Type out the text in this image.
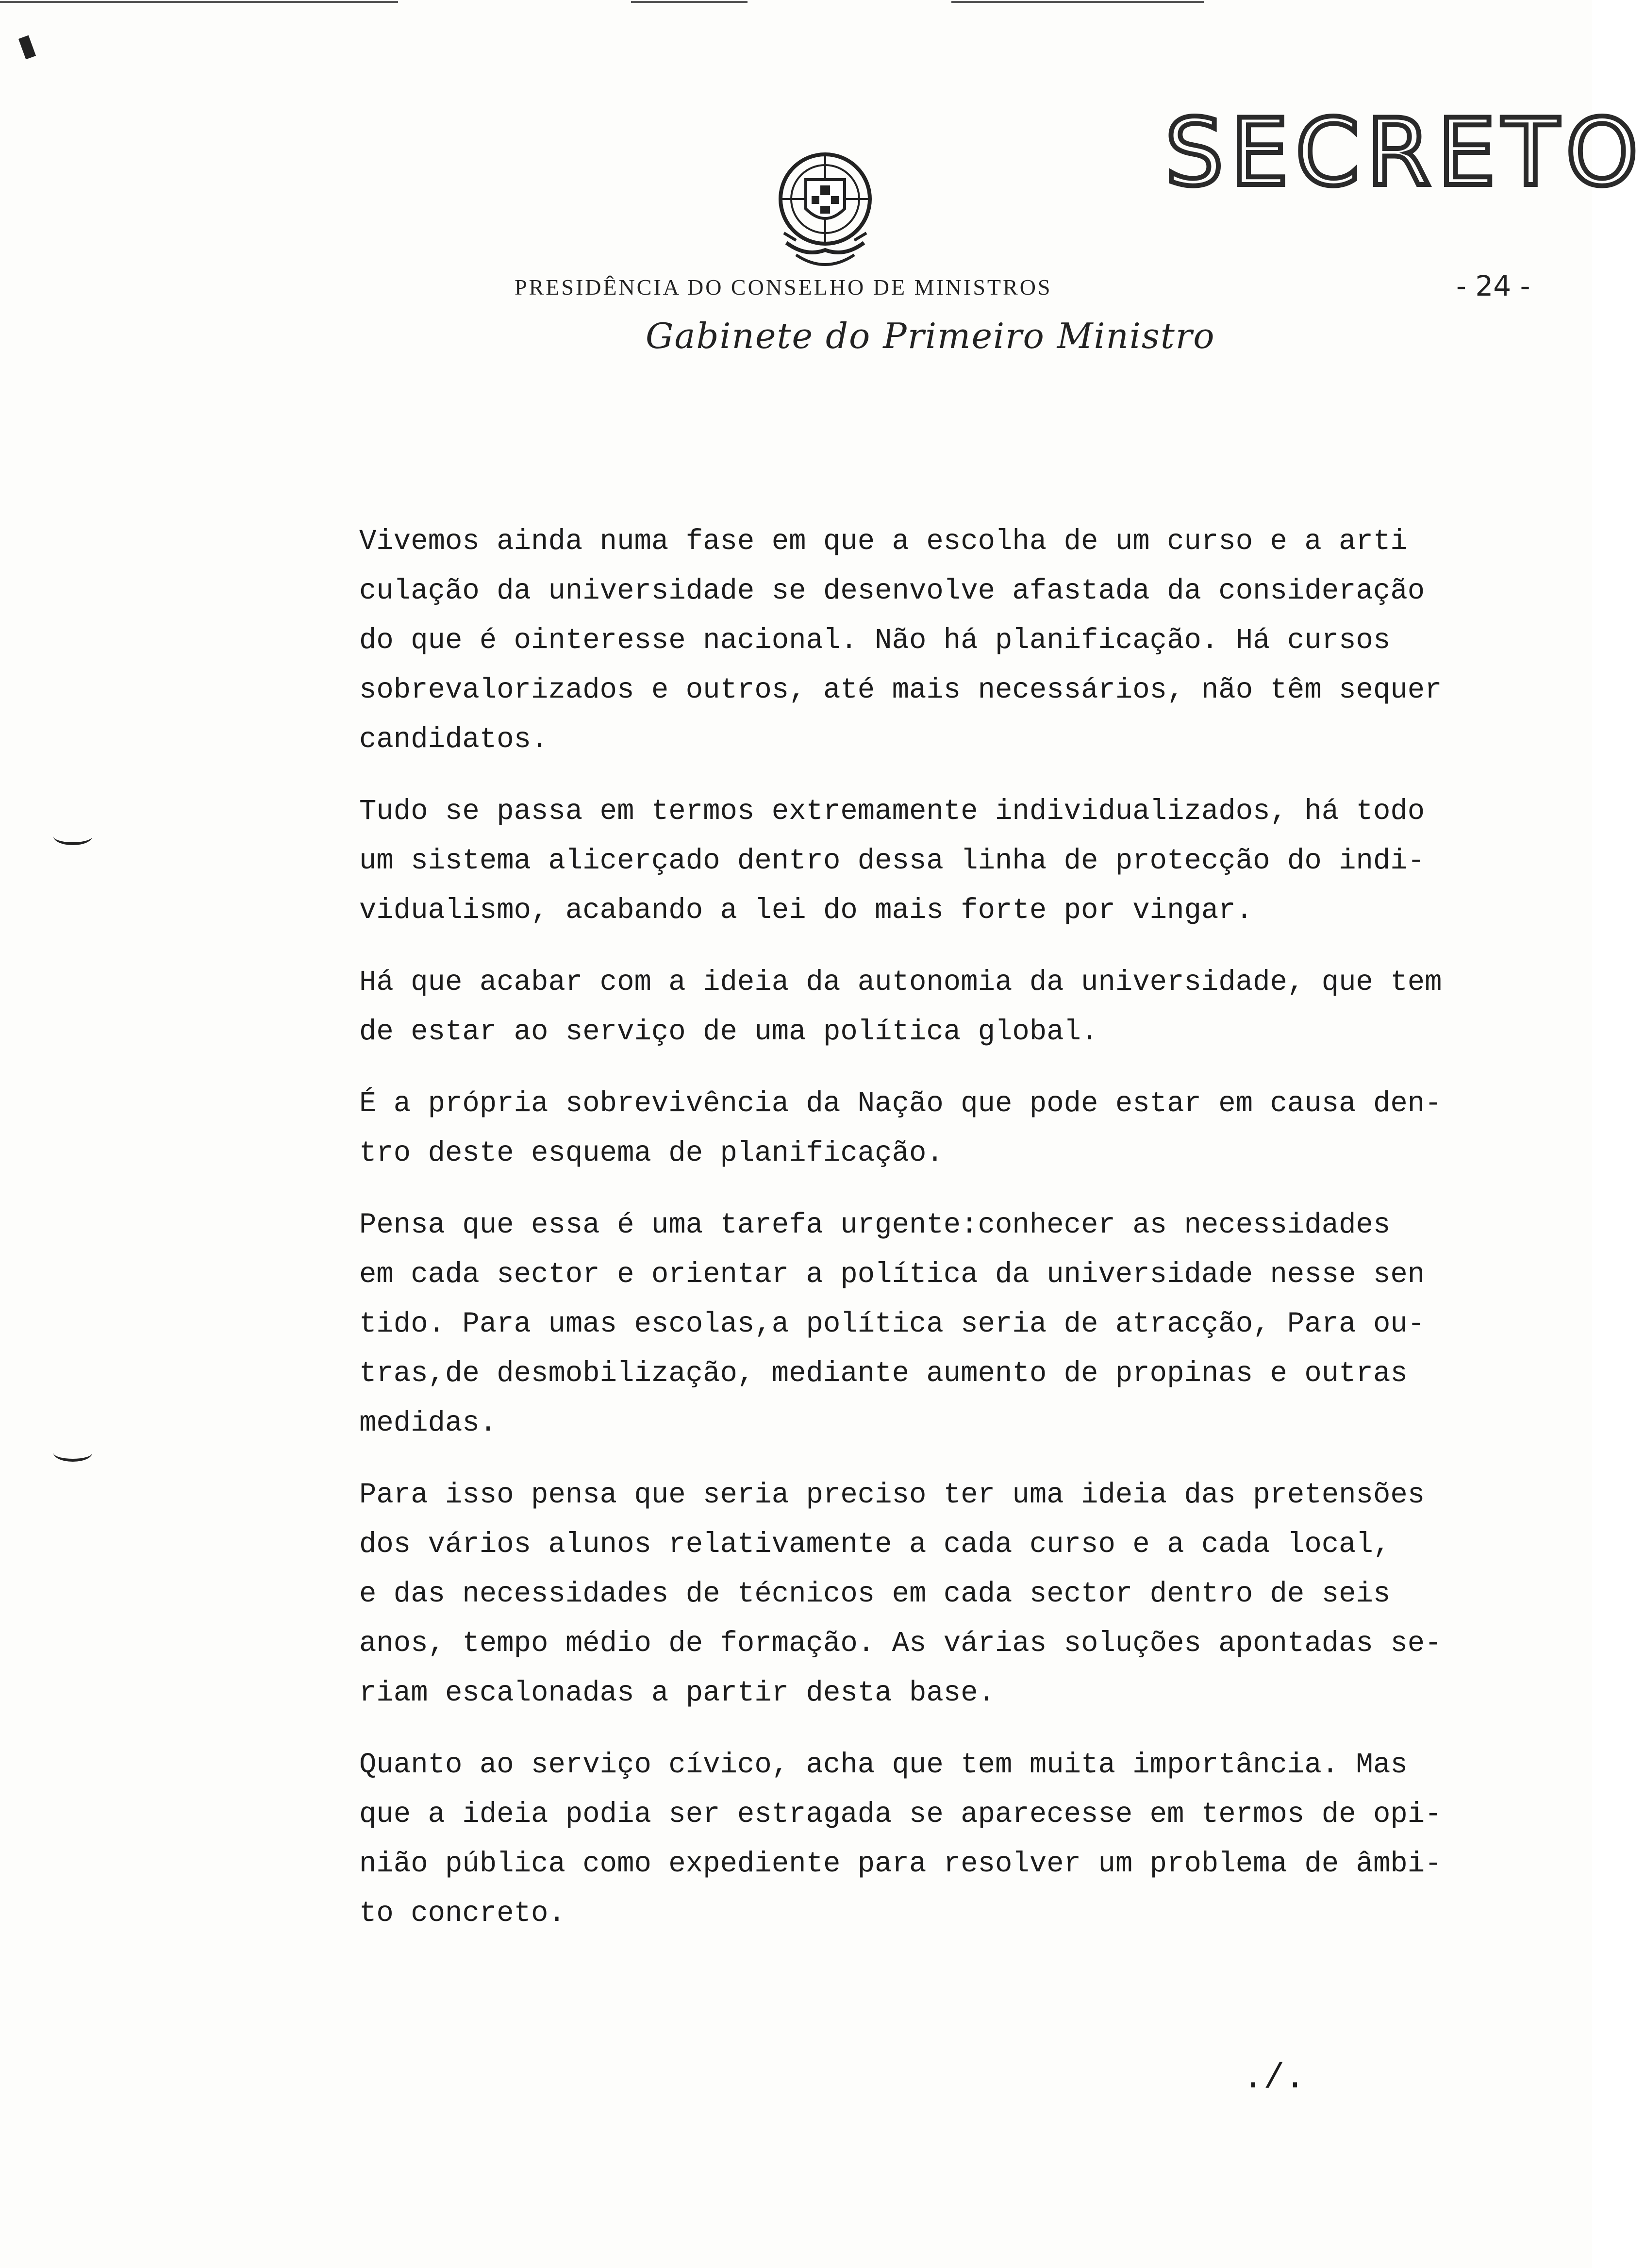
SECRETO
PRESIDÊNCIA DO CONSELHO DE MINISTROS
Gabinete do Primeiro Ministro
- 24 -
Vivemos ainda numa fase em que a escolha de um curso e a arti
culação da universidade se desenvolve afastada da consideração
do que é ointeresse nacional. Não há planificação. Há cursos
sobrevalorizados e outros, até mais necessários, não têm sequer
candidatos.
Tudo se passa em termos extremamente individualizados, há todo
um sistema alicerçado dentro dessa linha de protecção do indi-
vidualismo, acabando a lei do mais forte por vingar.
Há que acabar com a ideia da autonomia da universidade, que tem
de estar ao serviço de uma política global.
É a própria sobrevivência da Nação que pode estar em causa den-
tro deste esquema de planificação.
Pensa que essa é uma tarefa urgente:conhecer as necessidades
em cada sector e orientar a política da universidade nesse sen
tido. Para umas escolas,a política seria de atracção, Para ou-
tras,de desmobilização, mediante aumento de propinas e outras
medidas.
Para isso pensa que seria preciso ter uma ideia das pretensões
dos vários alunos relativamente a cada curso e a cada local,
e das necessidades de técnicos em cada sector dentro de seis
anos, tempo médio de formação. As várias soluções apontadas se-
riam escalonadas a partir desta base.
Quanto ao serviço cívico, acha que tem muita importância. Mas
que a ideia podia ser estragada se aparecesse em termos de opi-
nião pública como expediente para resolver um problema de âmbi-
to concreto.
./.
